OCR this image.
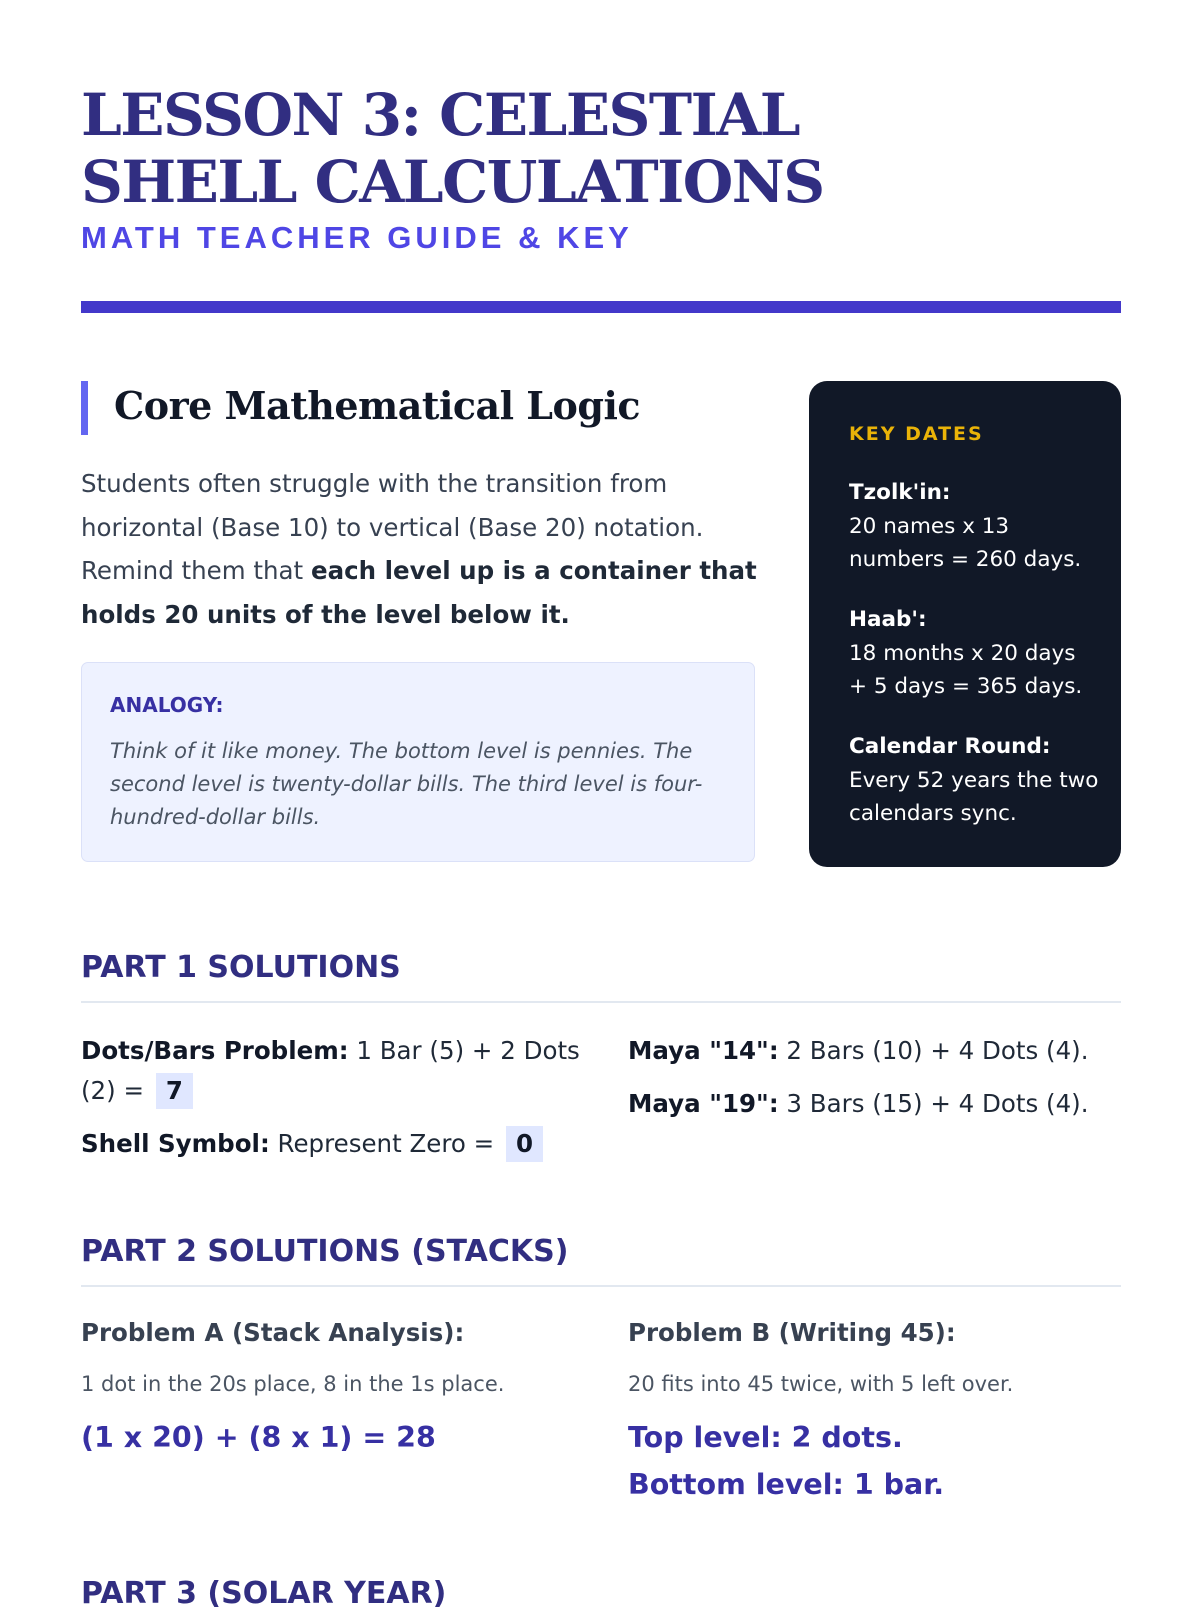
LESSON 3: CELESTIAL SHELL CALCULATIONS
MATH TEACHER GUIDE & KEY
Core Mathematical Logic
Students often struggle with the transition from horizontal (Base 10) to vertical (Base 20) notation. Remind them that each level up is a container that holds 20 units of the level below it.
ANALOGY:
Think of it like money. The bottom level is pennies. The second level is twenty-dollar bills. The third level is four-hundred-dollar bills.
KEY DATES
Tzolk'in:
20 names x 13 numbers = 260 days.
Haab':
18 months x 20 days + 5 days = 365 days.
Calendar Round:
Every 52 years the two calendars sync.
PART 1 SOLUTIONS
Dots/Bars Problem: 1 Bar (5) + 2 Dots (2) = 7
Shell Symbol: Represent Zero = 0
Maya "14": 2 Bars (10) + 4 Dots (4).
Maya "19": 3 Bars (15) + 4 Dots (4).
PART 2 SOLUTIONS (STACKS)
Problem A (Stack Analysis):
1 dot in the 20s place, 8 in the 1s place.
(1 x 20) + (8 x 1) = 28
Problem B (Writing 45):
20 fits into 45 twice, with 5 left over.
Top level: 2 dots.
Bottom level: 1 bar.
PART 3 (SOLAR YEAR)
